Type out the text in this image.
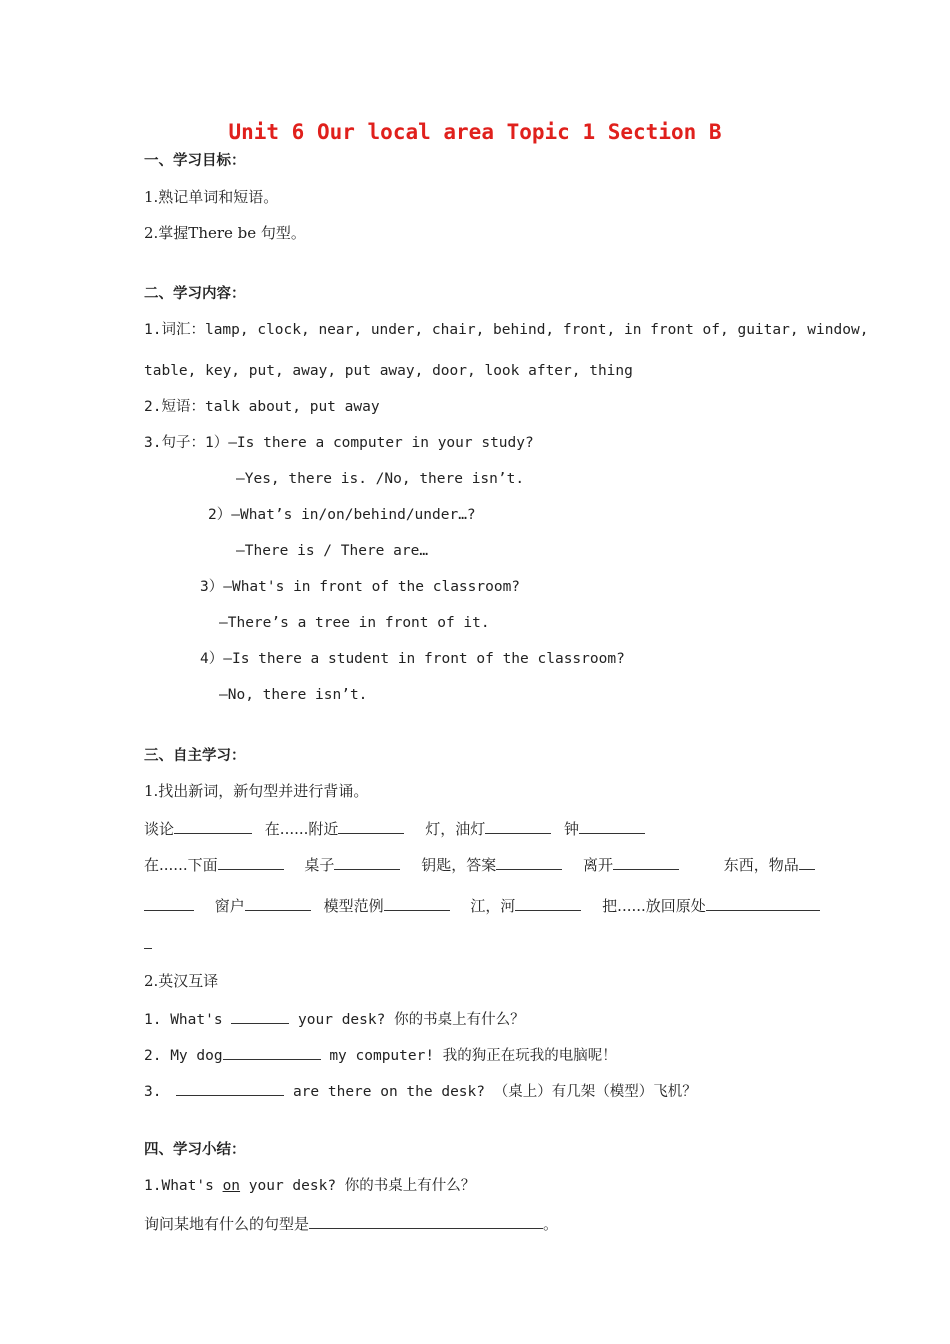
Unit 6 Our local area Topic 1 Section B
一、学习目标：
1.熟记单词和短语。
2.掌握There be 句型。
二、学习内容：
1.词汇：lamp, clock, near, under, chair, behind, front, in front of, guitar, window,
table, key, put, away, put away, door, look after, thing
2.短语：talk about, put away
3.句子：1）—Is there a computer in your study?
—Yes, there is. /No, there isn’t.
2）—What’s in/on/behind/under…?
—There is / There are…
3）—What's in front of the classroom?
—There’s a tree in front of it.
4）—Is there a student in front of the classroom?
—No, there isn’t.
三、自主学习：
1.找出新词，新句型并进行背诵。
谈论	在......附近	灯，油灯	钟
在......下面	桌子	钥匙，答案	离开	东西，物品
窗户	模型范例	江，河	把......放回原处
2.英汉互译
1. What's	your desk? 你的书桌上有什么？
2. My dog	my computer! 我的狗正在玩我的电脑呢！
3.	are there on the desk? （桌上）有几架（模型）飞机？
四、学习小结：
1.What's on your desk? 你的书桌上有什么？
询问某地有什么的句型是	。
